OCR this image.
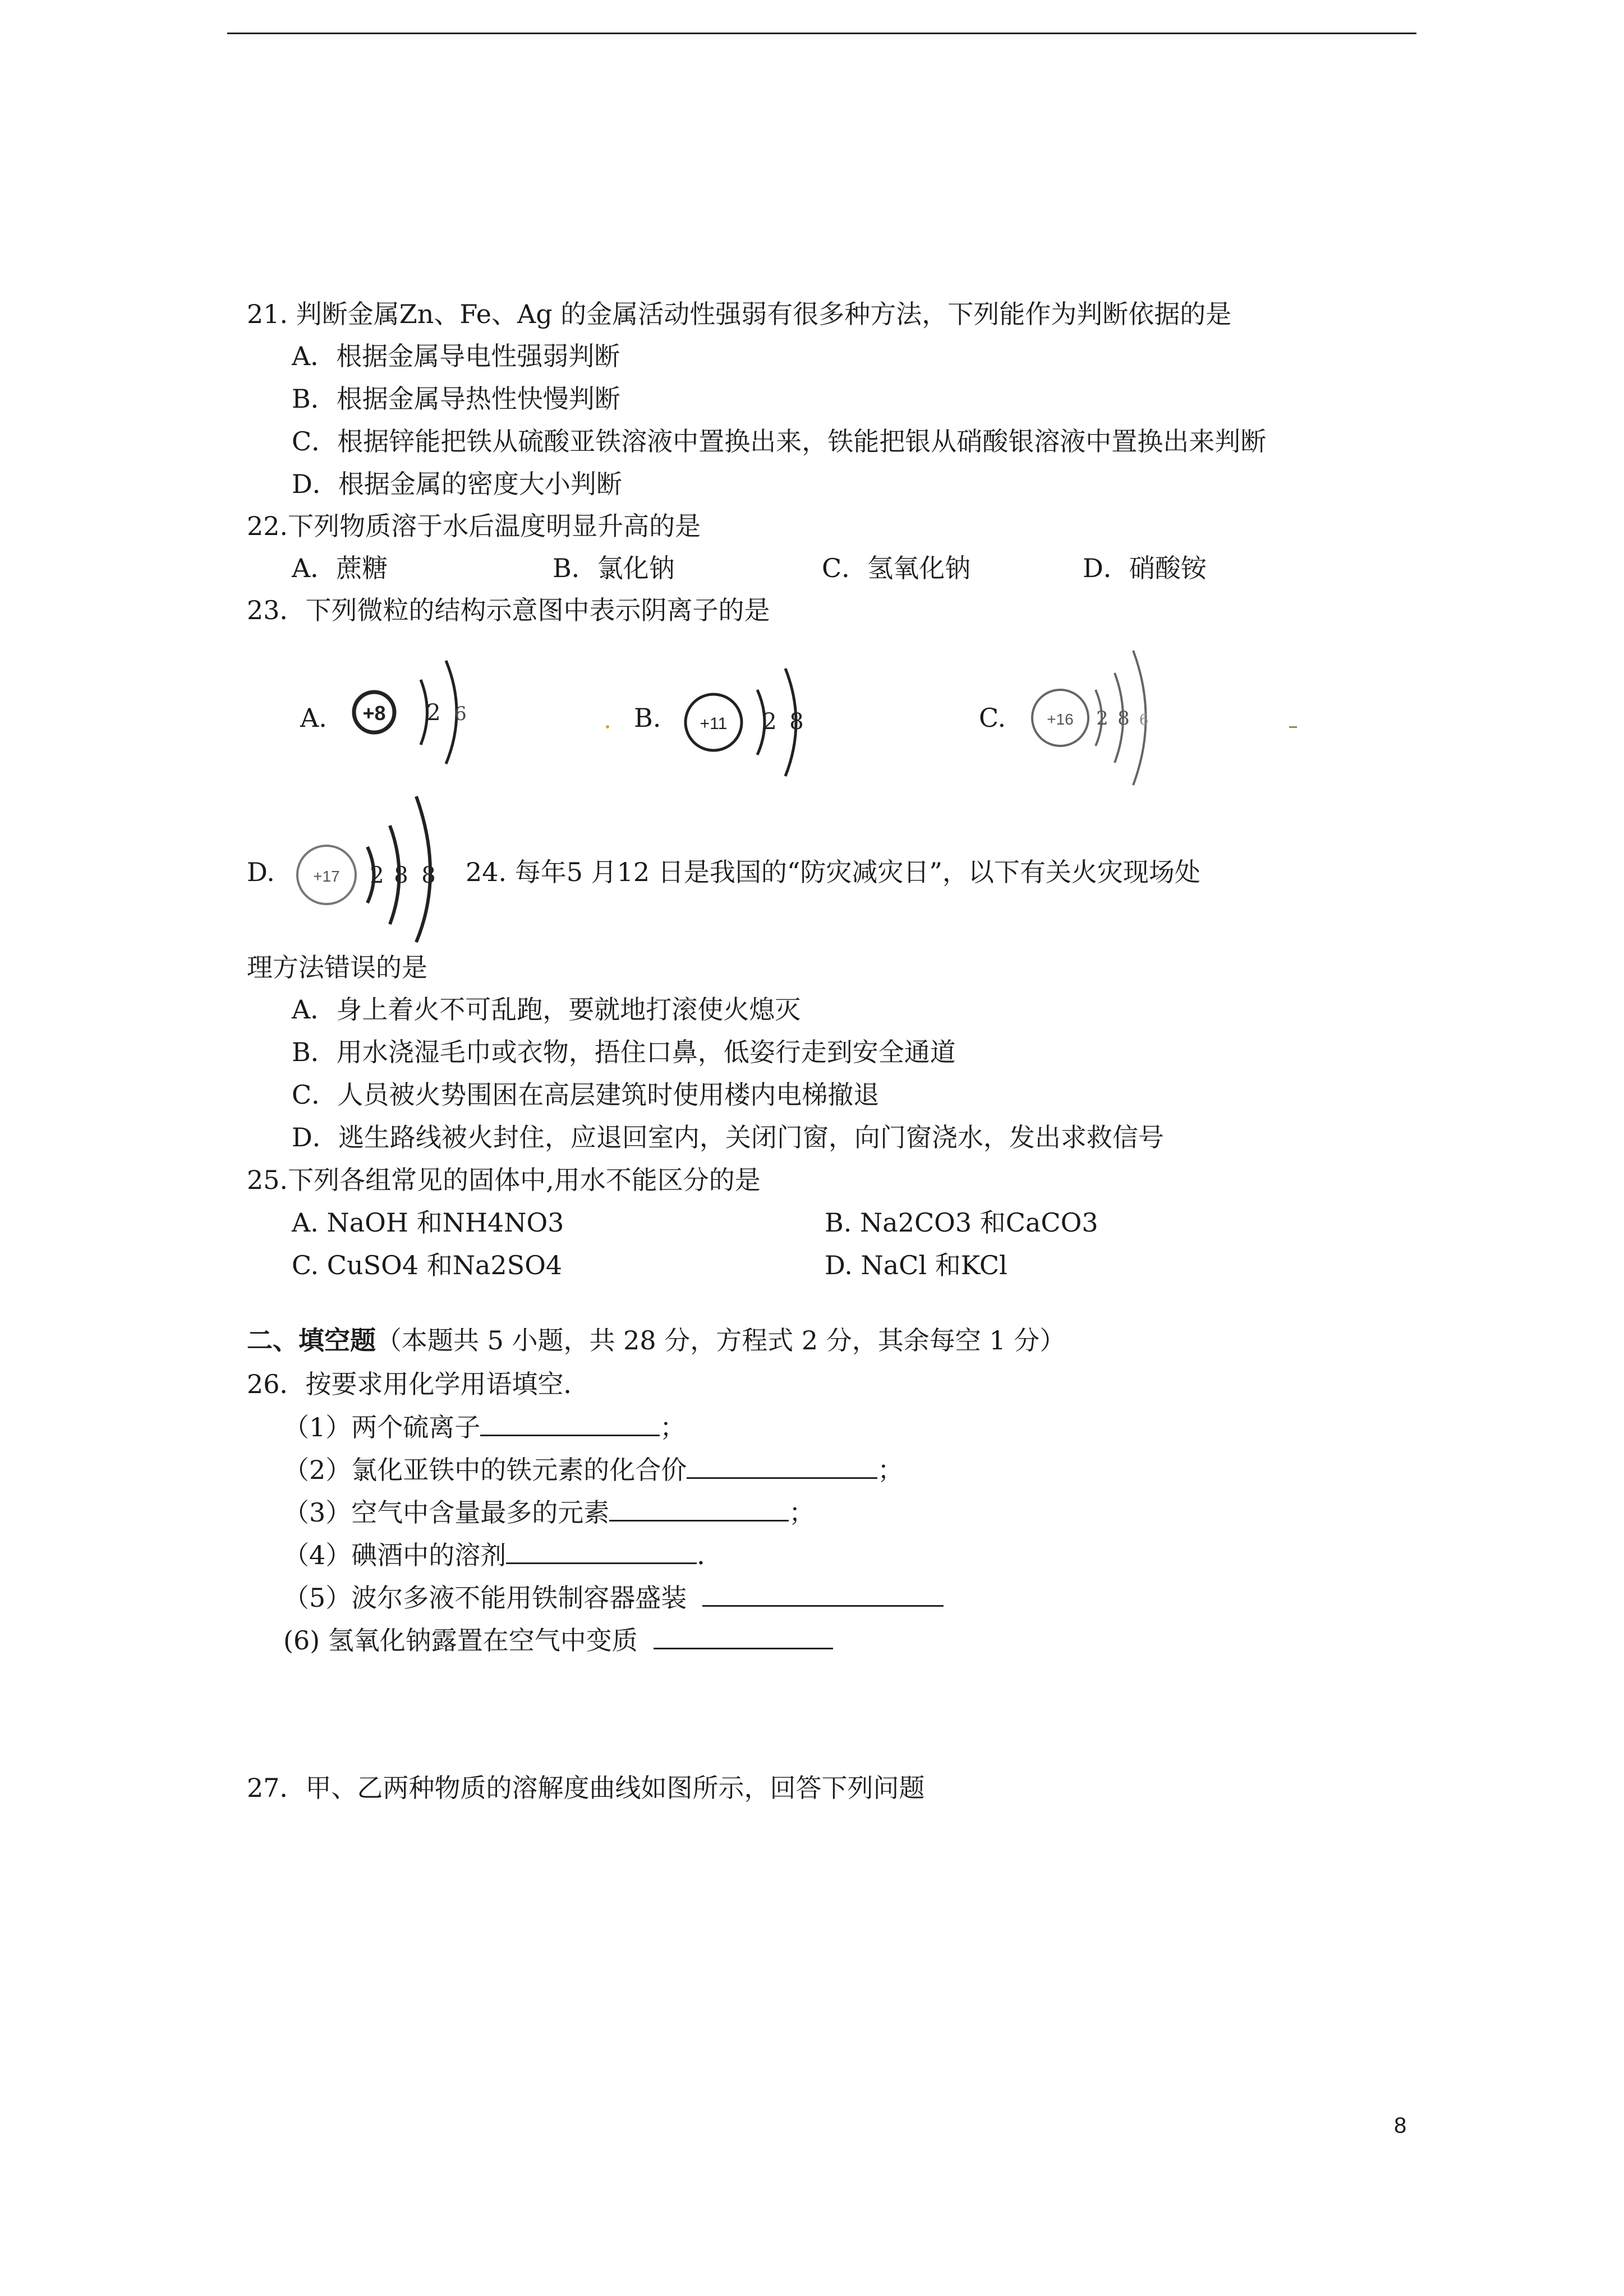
21. 判断金属Zn、Fe、Ag 的金属活动性强弱有很多种方法，下列能作为判断依据的是
A．根据金属导电性强弱判断
B．根据金属导热性快慢判断
C．根据锌能把铁从硫酸亚铁溶液中置换出来，铁能把银从硝酸银溶液中置换出来判断
D．根据金属的密度大小判断
22.下列物质溶于水后温度明显升高的是
A．蔗糖	B．氯化钠	C．氢氧化钠	D．硝酸铵
23．下列微粒的结构示意图中表示阴离子的是
A. +8 2 6	B. +11 2 8	C.	+16 2 8 6
D. +17 2 8 8 24. 每年5 月12 日是我国的“防灾减灾日”，以下有关火灾现场处
理方法错误的是
A．身上着火不可乱跑，要就地打滚使火熄灭
B．用水浇湿毛巾或衣物，捂住口鼻，低姿行走到安全通道
C．人员被火势围困在高层建筑时使用楼内电梯撤退
D．逃生路线被火封住，应退回室内，关闭门窗，向门窗浇水，发出求救信号
25.下列各组常见的固体中,用水不能区分的是
A. NaOH 和NH4NO3	B. Na2CO3 和CaCO3
C. CuSO4 和Na2SO4	D. NaCl 和KCl
二、填空题（本题共 5 小题，共 28 分，方程式 2 分，其余每空 1 分）
26．按要求用化学用语填空．
（1）两个硫离子	；
（2）氯化亚铁中的铁元素的化合价	；
（3）空气中含量最多的元素	；
（4）碘酒中的溶剂	．
（5）波尔多液不能用铁制容器盛装
(6) 氢氧化钠露置在空气中变质
27．甲、乙两种物质的溶解度曲线如图所示，回答下列问题
8
